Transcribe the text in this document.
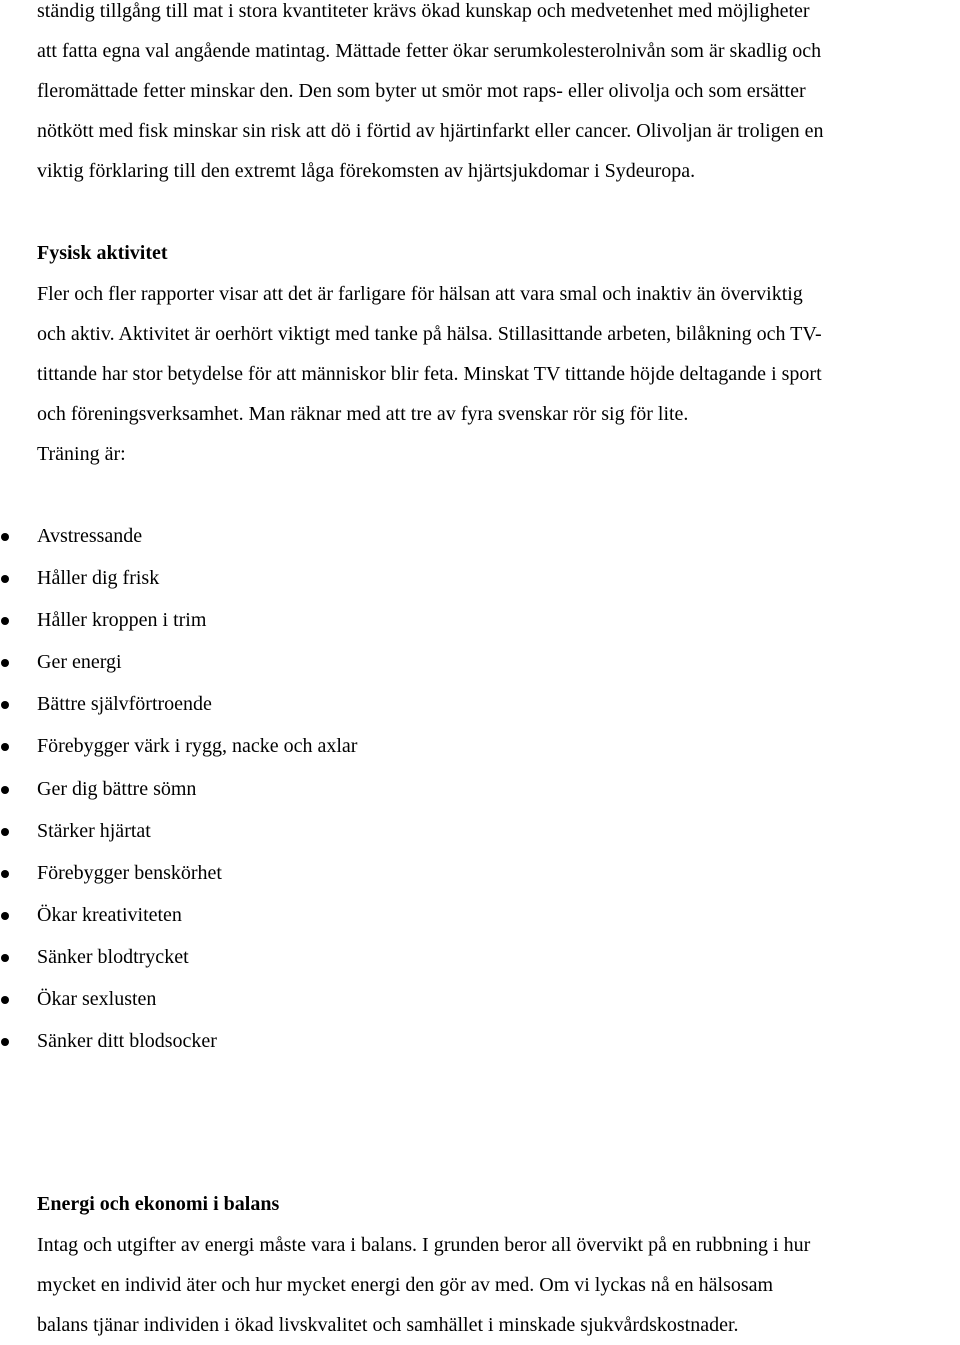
ständig tillgång till mat i stora kvantiteter krävs ökad kunskap och medvetenhet med möjligheter
att fatta egna val angående matintag. Mättade fetter ökar serumkolesterolnivån som är skadlig och
fleromättade fetter minskar den. Den som byter ut smör mot raps- eller olivolja och som ersätter
nötkött med fisk minskar sin risk att dö i förtid av hjärtinfarkt eller cancer. Olivoljan är troligen en
viktig förklaring till den extremt låga förekomsten av hjärtsjukdomar i Sydeuropa.

Fysisk aktivitet

Fler och fler rapporter visar att det är farligare för hälsan att vara smal och inaktiv än överviktig
och aktiv. Aktivitet är oerhört viktigt med tanke på hälsa. Stillasittande arbeten, bilåkning och TV-
tittande har stor betydelse för att människor blir feta. Minskat TV tittande höjde deltagande i sport
och föreningsverksamhet. Man räknar med att tre av fyra svenskar rör sig för lite.
Träning är:

Avstressande
Håller dig frisk
Håller kroppen i trim
Ger energi
Bättre självförtroende
Förebygger värk i rygg, nacke och axlar
Ger dig bättre sömn
Stärker hjärtat
Förebygger benskörhet
Ökar kreativiteten
Sänker blodtrycket
Ökar sexlusten
Sänker ditt blodsocker
Energi och ekonomi i balans

Intag och utgifter av energi måste vara i balans. I grunden beror all övervikt på en rubbning i hur
mycket en individ äter och hur mycket energi den gör av med. Om vi lyckas nå en hälsosam
balans tjänar individen i ökad livskvalitet och samhället i minskade sjukvårdskostnader.
